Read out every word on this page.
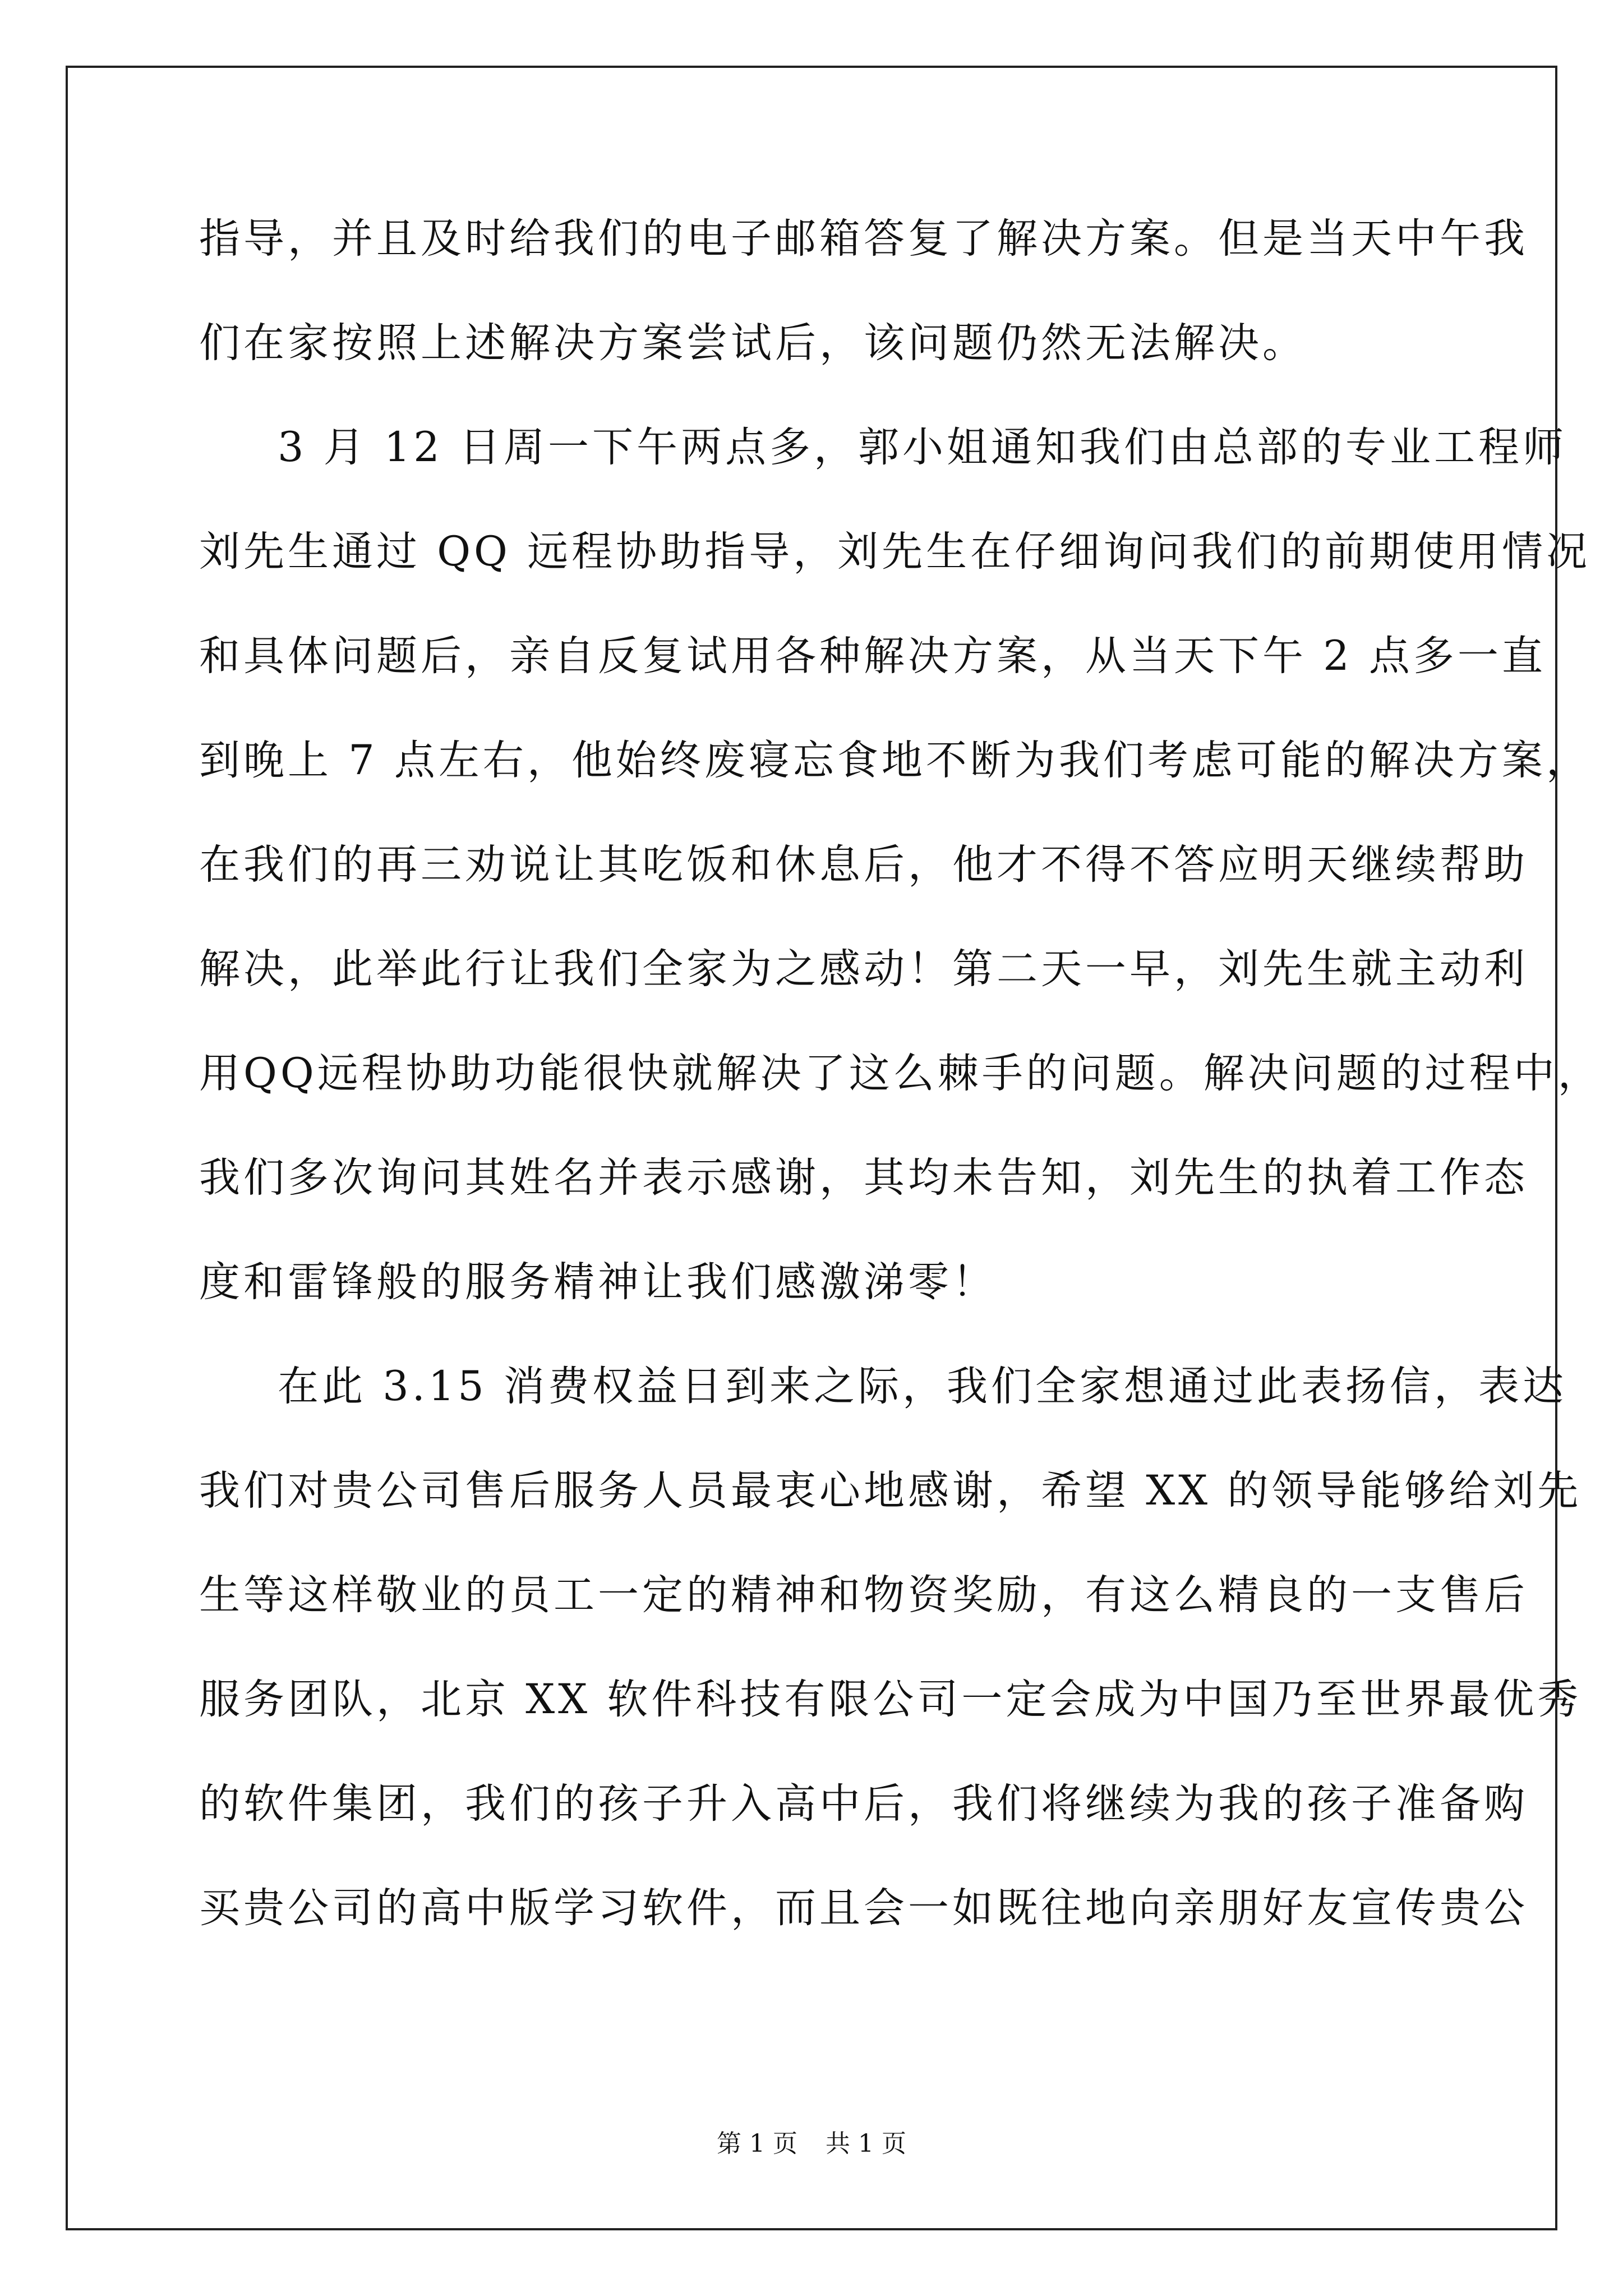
指导，并且及时给我们的电子邮箱答复了解决方案。但是当天中午我
们在家按照上述解决方案尝试后，该问题仍然无法解决。
3 月 12 日周一下午两点多，郭小姐通知我们由总部的专业工程师
刘先生通过 QQ 远程协助指导，刘先生在仔细询问我们的前期使用情况
和具体问题后，亲自反复试用各种解决方案，从当天下午 2 点多一直
到晚上 7 点左右，他始终废寝忘食地不断为我们考虑可能的解决方案，
在我们的再三劝说让其吃饭和休息后，他才不得不答应明天继续帮助
解决，此举此行让我们全家为之感动！第二天一早，刘先生就主动利
用QQ远程协助功能很快就解决了这么棘手的问题。解决问题的过程中，
我们多次询问其姓名并表示感谢，其均未告知，刘先生的执着工作态
度和雷锋般的服务精神让我们感激涕零！
在此 3.15 消费权益日到来之际，我们全家想通过此表扬信，表达
我们对贵公司售后服务人员最衷心地感谢，希望 XX 的领导能够给刘先
生等这样敬业的员工一定的精神和物资奖励，有这么精良的一支售后
服务团队，北京 XX 软件科技有限公司一定会成为中国乃至世界最优秀
的软件集团，我们的孩子升入高中后，我们将继续为我的孩子准备购
买贵公司的高中版学习软件，而且会一如既往地向亲朋好友宣传贵公
第 1 页 共 1 页
